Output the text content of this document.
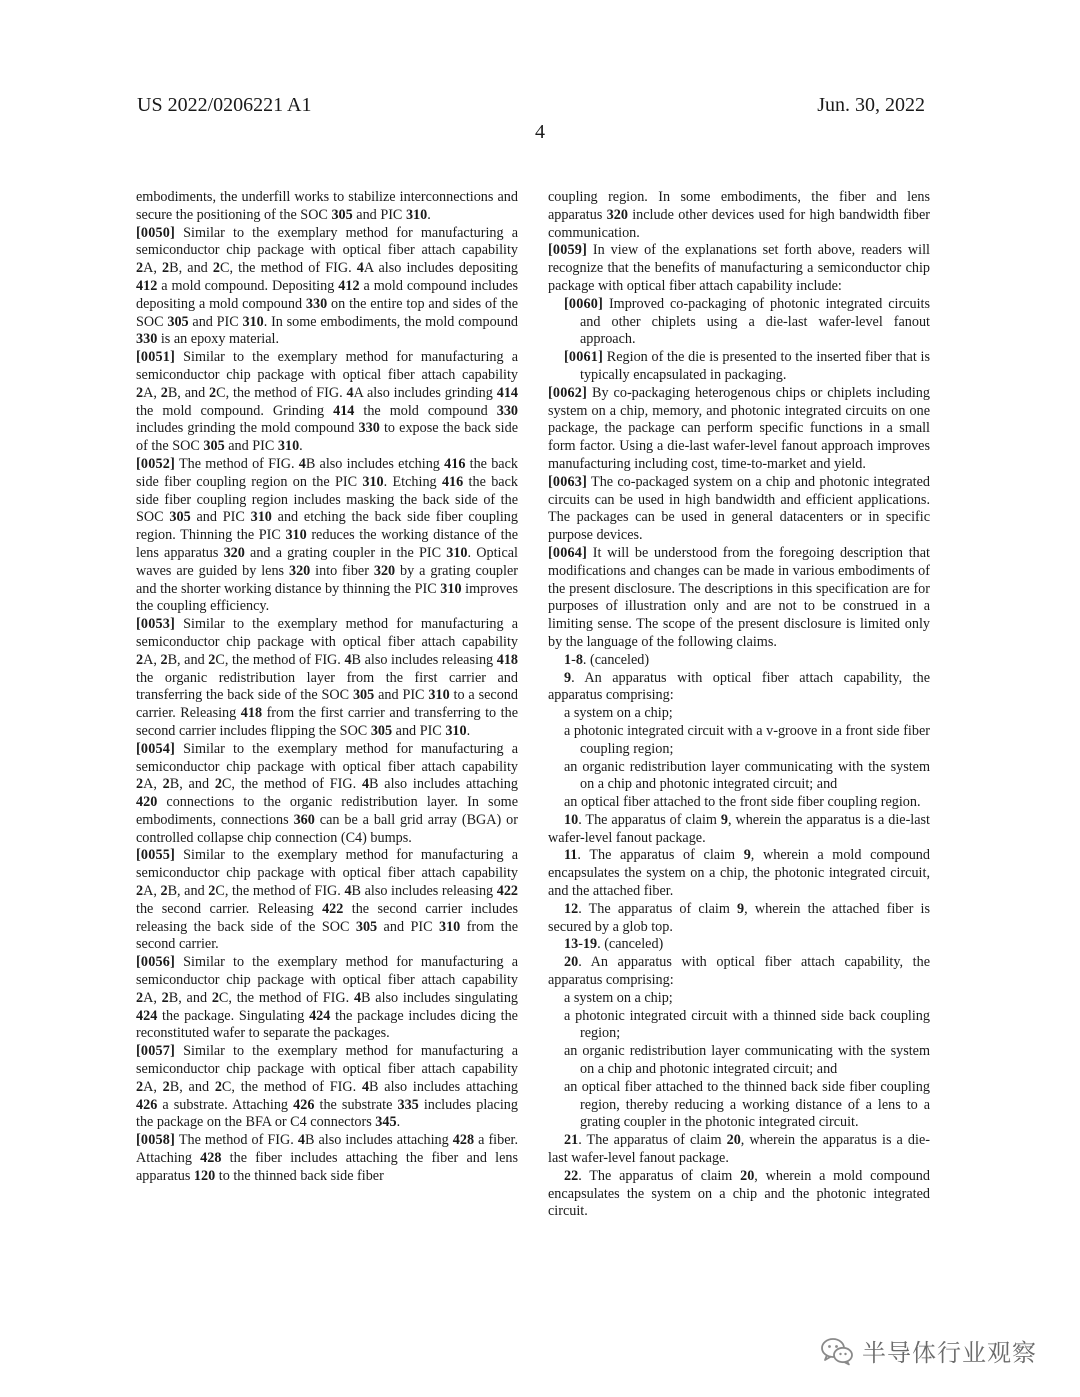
US 2022/0206221 A1	Jun. 30, 2022
4

embodiments, the underfill works to stabilize interconnections and secure the positioning of the SOC 305 and PIC 310.

[0050] Similar to the exemplary method for manufacturing a semiconductor chip package with optical fiber attach capability 2A, 2B, and 2C, the method of FIG. 4A also includes depositing 412 a mold compound. Depositing 412 a mold compound includes depositing a mold compound 330 on the entire top and sides of the SOC 305 and PIC 310. In some embodiments, the mold compound 330 is an epoxy material.

[0051] Similar to the exemplary method for manufacturing a semiconductor chip package with optical fiber attach capability 2A, 2B, and 2C, the method of FIG. 4A also includes grinding 414 the mold compound. Grinding 414 the mold compound 330 includes grinding the mold compound 330 to expose the back side of the SOC 305 and PIC 310.

[0052] The method of FIG. 4B also includes etching 416 the back side fiber coupling region on the PIC 310. Etching 416 the back side fiber coupling region includes masking the back side of the SOC 305 and PIC 310 and etching the back side fiber coupling region. Thinning the PIC 310 reduces the working distance of the lens apparatus 320 and a grating coupler in the PIC 310. Optical waves are guided by lens 320 into fiber 320 by a grating coupler and the shorter working distance by thinning the PIC 310 improves the coupling efficiency.

[0053] Similar to the exemplary method for manufacturing a semiconductor chip package with optical fiber attach capability 2A, 2B, and 2C, the method of FIG. 4B also includes releasing 418 the organic redistribution layer from the first carrier and transferring the back side of the SOC 305 and PIC 310 to a second carrier. Releasing 418 from the first carrier and transferring to the second carrier includes flipping the SOC 305 and PIC 310.

[0054] Similar to the exemplary method for manufacturing a semiconductor chip package with optical fiber attach capability 2A, 2B, and 2C, the method of FIG. 4B also includes attaching 420 connections to the organic redistribution layer. In some embodiments, connections 360 can be a ball grid array (BGA) or controlled collapse chip connection (C4) bumps.

[0055] Similar to the exemplary method for manufacturing a semiconductor chip package with optical fiber attach capability 2A, 2B, and 2C, the method of FIG. 4B also includes releasing 422 the second carrier. Releasing 422 the second carrier includes releasing the back side of the SOC 305 and PIC 310 from the second carrier.

[0056] Similar to the exemplary method for manufacturing a semiconductor chip package with optical fiber attach capability 2A, 2B, and 2C, the method of FIG. 4B also includes singulating 424 the package. Singulating 424 the package includes dicing the reconstituted wafer to separate the packages.

[0057] Similar to the exemplary method for manufacturing a semiconductor chip package with optical fiber attach capability 2A, 2B, and 2C, the method of FIG. 4B also includes attaching 426 a substrate. Attaching 426 the substrate 335 includes placing the package on the BFA or C4 connectors 345.

[0058] The method of FIG. 4B also includes attaching 428 a fiber. Attaching 428 the fiber includes attaching the fiber and lens apparatus 120 to the thinned back side fiber

coupling region. In some embodiments, the fiber and lens apparatus 320 include other devices used for high bandwidth fiber communication.

[0059] In view of the explanations set forth above, readers will recognize that the benefits of manufacturing a semiconductor chip package with optical fiber attach capability include:

[0060] Improved co-packaging of photonic integrated circuits and other chiplets using a die-last wafer-level fanout approach.

[0061] Region of the die is presented to the inserted fiber that is typically encapsulated in packaging.

[0062] By co-packaging heterogenous chips or chiplets including system on a chip, memory, and photonic integrated circuits on one package, the package can perform specific functions in a small form factor. Using a die-last wafer-level fanout approach improves manufacturing including cost, time-to-market and yield.

[0063] The co-packaged system on a chip and photonic integrated circuits can be used in high bandwidth and efficient applications. The packages can be used in general datacenters or in specific purpose devices.

[0064] It will be understood from the foregoing description that modifications and changes can be made in various embodiments of the present disclosure. The descriptions in this specification are for purposes of illustration only and are not to be construed in a limiting sense. The scope of the present disclosure is limited only by the language of the following claims.

1-8. (canceled)

9. An apparatus with optical fiber attach capability, the apparatus comprising:

a system on a chip;

a photonic integrated circuit with a v-groove in a front side fiber coupling region;

an organic redistribution layer communicating with the system on a chip and photonic integrated circuit; and

an optical fiber attached to the front side fiber coupling region.

10. The apparatus of claim 9, wherein the apparatus is a die-last wafer-level fanout package.

11. The apparatus of claim 9, wherein a mold compound encapsulates the system on a chip, the photonic integrated circuit, and the attached fiber.

12. The apparatus of claim 9, wherein the attached fiber is secured by a glob top.

13-19. (canceled)

20. An apparatus with optical fiber attach capability, the apparatus comprising:

a system on a chip;

a photonic integrated circuit with a thinned side back coupling region;

an organic redistribution layer communicating with the system on a chip and photonic integrated circuit; and

an optical fiber attached to the thinned back side fiber coupling region, thereby reducing a working distance of a lens to a grating coupler in the photonic integrated circuit.

21. The apparatus of claim 20, wherein the apparatus is a die-last wafer-level fanout package.

22. The apparatus of claim 20, wherein a mold compound encapsulates the system on a chip and the photonic integrated circuit.

半导体行业观察
